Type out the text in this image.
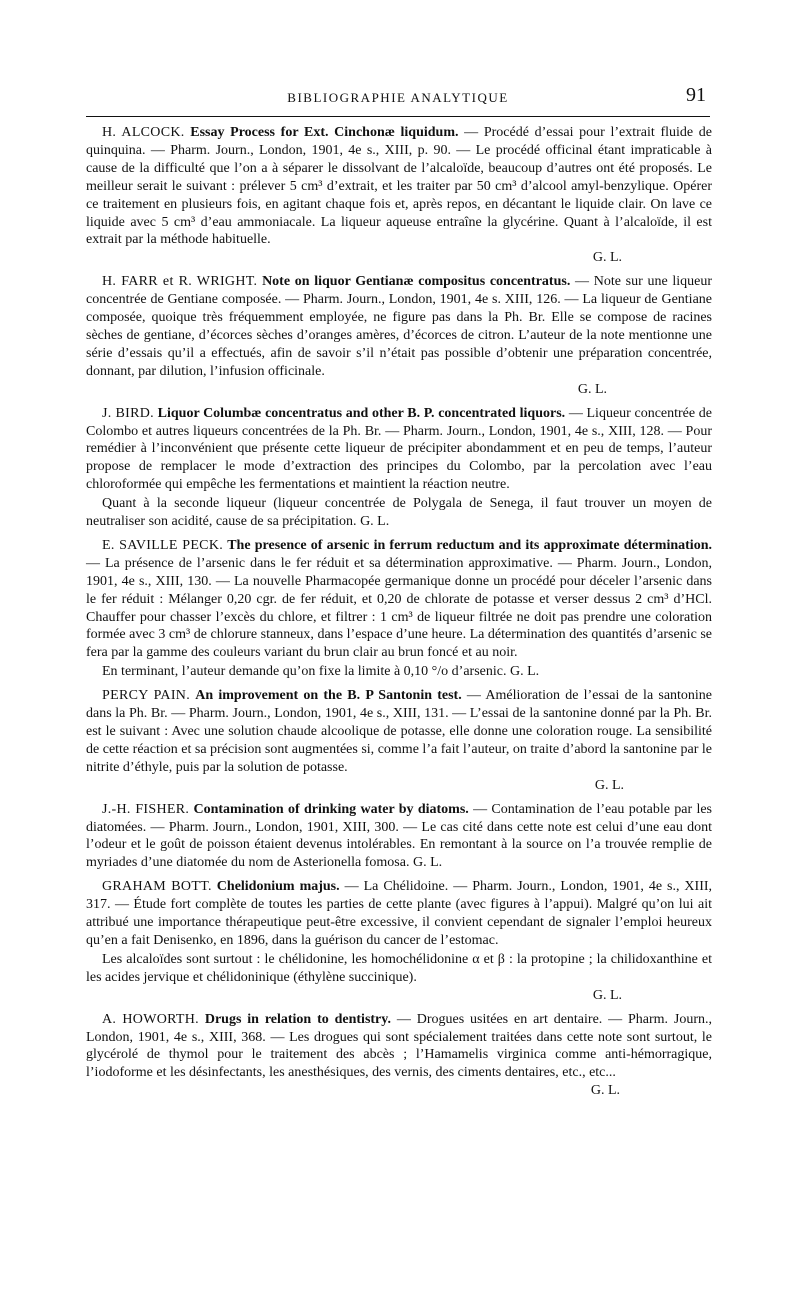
BIBLIOGRAPHIE ANALYTIQUE	91

H. ALCOCK. Essay Process for Ext. Cinchonæ liquidum. — Procédé d’essai pour l’extrait fluide de quinquina. — Pharm. Journ., London, 1901, 4e s., XIII, p. 90. — Le procédé officinal étant impraticable à cause de la difficulté que l’on a à séparer le dissolvant de l’alcaloïde, beaucoup d’autres ont été proposés. Le meilleur serait le suivant : prélever 5 cm³ d’extrait, et les traiter par 50 cm³ d’alcool amyl-benzylique. Opérer ce traitement en plusieurs fois, en agitant chaque fois et, après repos, en décantant le liquide clair. On lave ce liquide avec 5 cm³ d’eau ammoniacale. La liqueur aqueuse entraîne la glycérine. Quant à l’alcaloïde, il est extrait par la méthode habituelle.
G. L.

H. FARR et R. WRIGHT. Note on liquor Gentianæ compositus concentratus. — Note sur une liqueur concentrée de Gentiane composée. — Pharm. Journ., London, 1901, 4e s. XIII, 126. — La liqueur de Gentiane composée, quoique très fréquemment employée, ne figure pas dans la Ph. Br. Elle se compose de racines sèches de gentiane, d’écorces sèches d’oranges amères, d’écorces de citron. L’auteur de la note mentionne une série d’essais qu’il a effectués, afin de savoir s’il n’était pas possible d’obtenir une préparation concentrée, donnant, par dilution, l’infusion officinale.
G. L.

J. BIRD. Liquor Columbæ concentratus and other B. P. concentrated liquors. — Liqueur concentrée de Colombo et autres liqueurs concentrées de la Ph. Br. — Pharm. Journ., London, 1901, 4e s., XIII, 128. — Pour remédier à l’inconvénient que présente cette liqueur de précipiter abondamment et en peu de temps, l’auteur propose de remplacer le mode d’extraction des principes du Colombo, par la percolation avec l’eau chloroformée qui empêche les fermentations et maintient la réaction neutre.

Quant à la seconde liqueur (liqueur concentrée de Polygala de Senega, il faut trouver un moyen de neutraliser son acidité, cause de sa précipitation. G. L.

E. SAVILLE PECK. The presence of arsenic in ferrum reductum and its approximate détermination. — La présence de l’arsenic dans le fer réduit et sa détermination approximative. — Pharm. Journ., London, 1901, 4e s., XIII, 130. — La nouvelle Pharmacopée germanique donne un procédé pour déceler l’arsenic dans le fer réduit : Mélanger 0,20 cgr. de fer réduit, et 0,20 de chlorate de potasse et verser dessus 2 cm³ d’HCl. Chauffer pour chasser l’excès du chlore, et filtrer : 1 cm³ de liqueur filtrée ne doit pas prendre une coloration formée avec 3 cm³ de chlorure stanneux, dans l’espace d’une heure. La détermination des quantités d’arsenic se fera par la gamme des couleurs variant du brun clair au brun foncé et au noir.

En terminant, l’auteur demande qu’on fixe la limite à 0,10 °/o d’arsenic. G. L.

PERCY PAIN. An improvement on the B. P Santonin test. — Amélioration de l’essai de la santonine dans la Ph. Br. — Pharm. Journ., London, 1901, 4e s., XIII, 131. — L’essai de la santonine donné par la Ph. Br. est le suivant : Avec une solution chaude alcoolique de potasse, elle donne une coloration rouge. La sensibilité de cette réaction et sa précision sont augmentées si, comme l’a fait l’auteur, on traite d’abord la santonine par le nitrite d’éthyle, puis par la solution de potasse.
G. L.

J.-H. FISHER. Contamination of drinking water by diatoms. — Contamination de l’eau potable par les diatomées. — Pharm. Journ., London, 1901, XIII, 300. — Le cas cité dans cette note est celui d’une eau dont l’odeur et le goût de poisson étaient devenus intolérables. En remontant à la source on l’a trouvée remplie de myriades d’une diatomée du nom de Asterionella fomosa. G. L.

GRAHAM BOTT. Chelidonium majus. — La Chélidoine. — Pharm. Journ., London, 1901, 4e s., XIII, 317. — Étude fort complète de toutes les parties de cette plante (avec figures à l’appui). Malgré qu’on lui ait attribué une importance thérapeutique peut-être excessive, il convient cependant de signaler l’emploi heureux qu’en a fait Denisenko, en 1896, dans la guérison du cancer de l’estomac.

Les alcaloïdes sont surtout : le chélidonine, les homochélidonine α et β : la protopine ; la chilidoxanthine et les acides jervique et chélidoninique (éthylène succinique).
G. L.

A. HOWORTH. Drugs in relation to dentistry. — Drogues usitées en art dentaire. — Pharm. Journ., London, 1901, 4e s., XIII, 368. — Les drogues qui sont spécialement traitées dans cette note sont surtout, le glycérolé de thymol pour le traitement des abcès ; l’Hamamelis virginica comme anti-hémorragique, l’iodoforme et les désinfectants, les anesthésiques, des vernis, des ciments dentaires, etc., etc...
G. L.
